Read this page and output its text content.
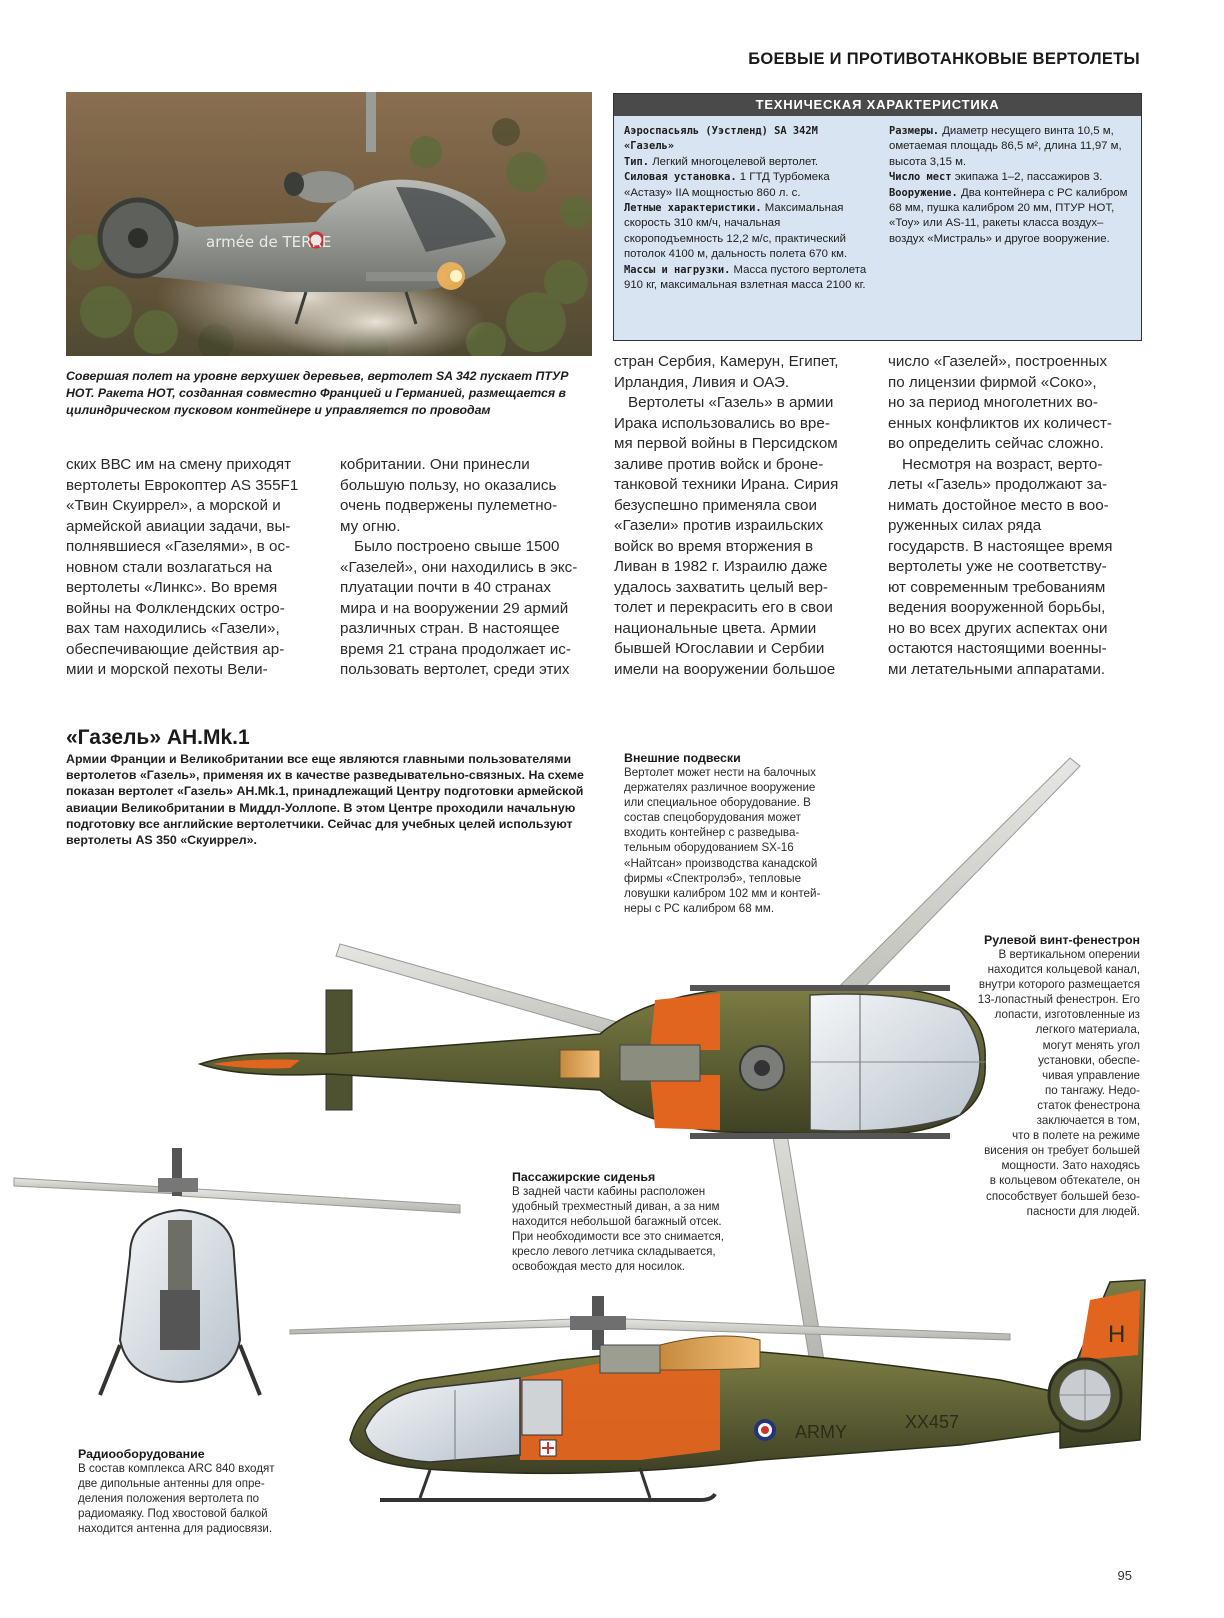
БОЕВЫЕ И ПРОТИВОТАНКОВЫЕ ВЕРТОЛЕТЫ
armée de TERRE
Совершая полет на уровне верхушек деревьев, вертолет SA 342 пускает ПТУР HOT. Ракета HOT, созданная совместно Францией и Германией, размещается в цилиндрическом пусковом контейнере и управляется по проводам
ТЕХНИЧЕСКАЯ ХАРАКТЕРИСТИКА

Аэроспасьяль (Уэстленд) SA 342M «Газель»

Тип. Легкий многоцелевой вертолет.

Силовая установка. 1 ГТД Турбомека «Астазу» IIA мощностью 860 л. с.

Летные характеристики. Максимальная скорость 310 км/ч, начальная скороподъемность 12,2 м/с, практический потолок 4100 м, дальность полета 670 км.

Массы и нагрузки. Масса пустого вертолета 910 кг, максимальная взлетная масса 2100 кг.

Размеры. Диаметр несущего винта 10,5 м, ометаемая площадь 86,5 м², длина 11,97 м, высота 3,15 м.

Число мест экипажа 1–2, пассажиров 3.

Вооружение. Два контейнера с РС калибром 68 мм, пушка калибром 20 мм, ПТУР HOT, «Тоу» или AS-11, ракеты класса воздух–воздух «Мистраль» и другое вооружение.

ских ВВС им на смену приходят

вертолеты Еврокоптер AS 355F1

«Твин Скуиррел», а морской и

армейской авиации задачи, вы-

полнявшиеся «Газелями», в ос-

новном стали возлагаться на

вертолеты «Линкс». Во время

войны на Фолклендских остро-

вах там находились «Газели»,

обеспечивающие действия ар-

мии и морской пехоты Вели-

кобритании. Они принесли

большую пользу, но оказались

очень подвержены пулеметно-

му огню.

Было построено свыше 1500

«Газелей», они находились в экс-

плуатации почти в 40 странах

мира и на вооружении 29 армий

различных стран. В настоящее

время 21 страна продолжает ис-

пользовать вертолет, среди этих

стран Сербия, Камерун, Египет,

Ирландия, Ливия и ОАЭ.

Вертолеты «Газель» в армии

Ирака использовались во вре-

мя первой войны в Персидском

заливе против войск и броне-

танковой техники Ирана. Сирия

безуспешно применяла свои

«Газели» против израильских

войск во время вторжения в

Ливан в 1982 г. Израилю даже

удалось захватить целый вер-

толет и перекрасить его в свои

национальные цвета. Армии

бывшей Югославии и Сербии

имели на вооружении большое

число «Газелей», построенных

по лицензии фирмой «Соко»,

но за период многолетних во-

енных конфликтов их количест-

во определить сейчас сложно.

Несмотря на возраст, верто-

леты «Газель» продолжают за-

нимать достойное место в воо-

руженных силах ряда

государств. В настоящее время

вертолеты уже не соответству-

ют современным требованиям

ведения вооруженной борьбы,

но во всех других аспектах они

остаются настоящими военны-

ми летательными аппаратами.

H
ARMY	XX457
«Газель» AH.Mk.1
Армии Франции и Великобритании все еще являются главными пользователями вертолетов «Газель», применяя их в качестве разведывательно-связных. На схеме показан вертолет «Газель» AH.Mk.1, принадлежащий Центру подготовки армейской авиации Великобритании в Миддл-Уоллопе. В этом Центре проходили начальную подготовку все английские вертолетчики. Сейчас для учебных целей используют вертолеты AS 350 «Скуиррел».
Внешние подвески
Вертолет может нести на балочных
держателях различное вооружение
или специальное оборудование. В
состав спецоборудования может
входить контейнер с разведыва-
тельным оборудованием SX-16
«Найтсан» производства канадской
фирмы «Спектролэб», тепловые
ловушки калибром 102 мм и контей-
неры с РС калибром 68 мм.
Рулевой винт-фенестрон
В вертикальном оперении
находится кольцевой канал,
внутри которого размещается
13-лопастный фенестрон. Его
лопасти, изготовленные из
легкого материала,
могут менять угол
установки, обеспе-
чивая управление
по тангажу. Недо-
статок фенестрона
заключается в том,
что в полете на режиме
висения он требует большей
мощности. Зато находясь
в кольцевом обтекателе, он
способствует большей безо-
пасности для людей.
Пассажирские сиденья
В задней части кабины расположен
удобный трехместный диван, а за ним
находится небольшой багажный отсек.
При необходимости все это снимается,
кресло левого летчика складывается,
освобождая место для носилок.
Радиооборудование
В состав комплекса ARC 840 входят
две дипольные антенны для опре-
деления положения вертолета по
радиомаяку. Под хвостовой балкой
находится антенна для радиосвязи.
95
